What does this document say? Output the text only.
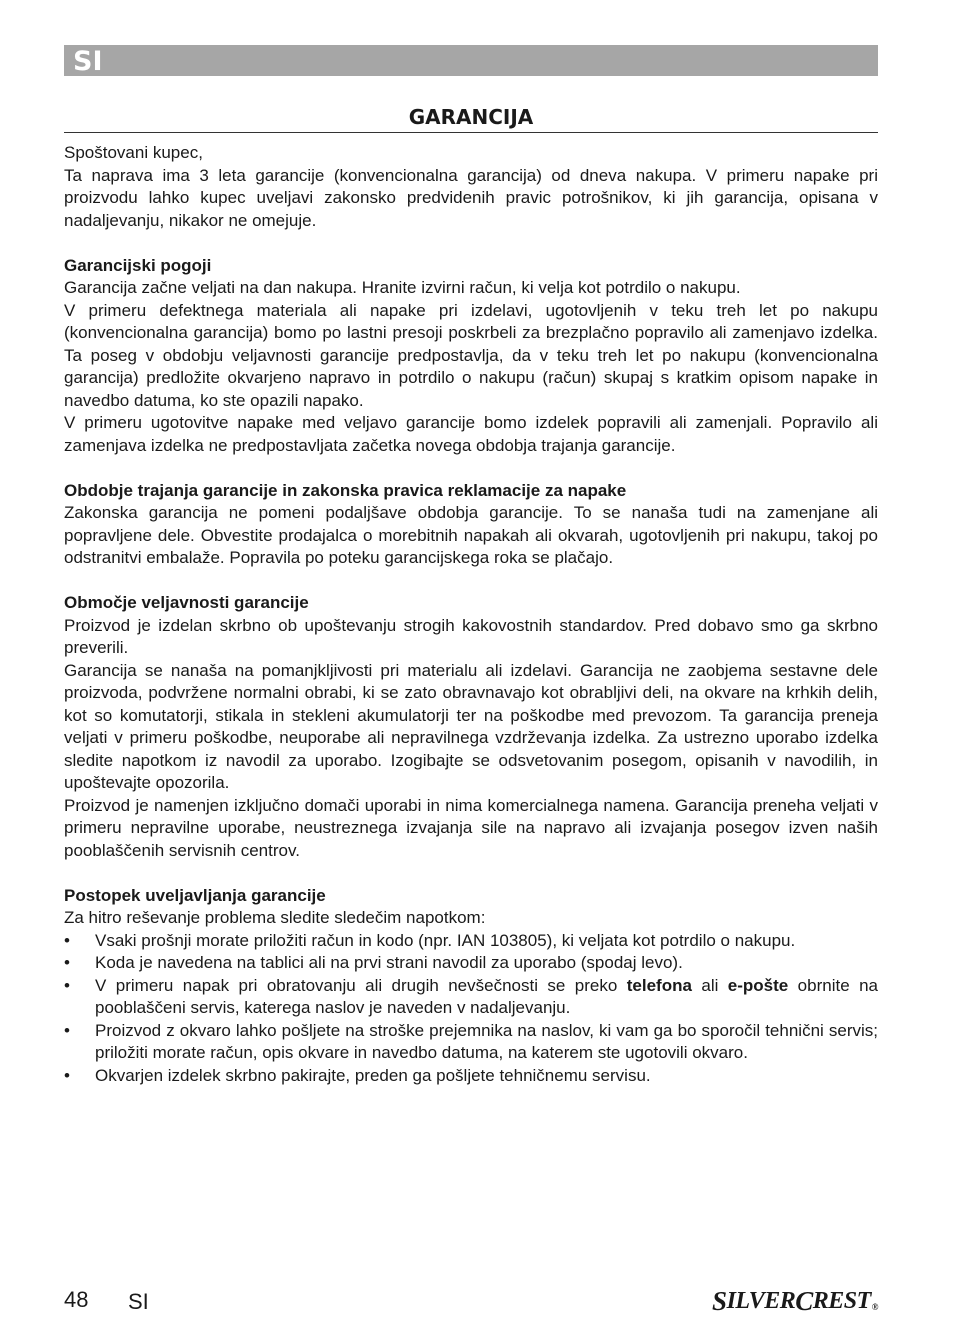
SI
GARANCIJA

Spoštovani kupec,

Ta naprava ima 3 leta garancije (konvencionalna garancija) od dneva nakupa. V primeru napake pri proizvodu lahko kupec uveljavi zakonsko predvidenih pravic potrošnikov, ki jih garancija, opisana v nadaljevanju, nikakor ne omejuje.

Garancijski pogoji

Garancija začne veljati na dan nakupa. Hranite izvirni račun, ki velja kot potrdilo o nakupu.

V primeru defektnega materiala ali napake pri izdelavi, ugotovljenih v teku treh let po nakupu (konvencionalna garancija) bomo po lastni presoji poskrbeli za brezplačno popravilo ali zamenjavo izdelka. Ta poseg v obdobju veljavnosti garancije predpostavlja, da v teku treh let po nakupu (konvencionalna garancija) predložite okvarjeno napravo in potrdilo o nakupu (račun) skupaj s kratkim opisom napake in navedbo datuma, ko ste opazili napako.

V primeru ugotovitve napake med veljavo garancije bomo izdelek popravili ali zamenjali. Popravilo ali zamenjava izdelka ne predpostavljata začetka novega obdobja trajanja garancije.

Obdobje trajanja garancije in zakonska pravica reklamacije za napake

Zakonska garancija ne pomeni podaljšave obdobja garancije. To se nanaša tudi na zamenjane ali popravljene dele. Obvestite prodajalca o morebitnih napakah ali okvarah, ugotovljenih pri nakupu, takoj po odstranitvi embalaže. Popravila po poteku garancijskega roka se plačajo.

Območje veljavnosti garancije

Proizvod je izdelan skrbno ob upoštevanju strogih kakovostnih standardov. Pred dobavo smo ga skrbno preverili.

Garancija se nanaša na pomanjkljivosti pri materialu ali izdelavi. Garancija ne zaobjema sestavne dele proizvoda, podvržene normalni obrabi, ki se zato obravnavajo kot obrabljivi deli, na okvare na krhkih delih, kot so komutatorji, stikala in stekleni akumulatorji ter na poškodbe med prevozom. Ta garancija preneja veljati v primeru poškodbe, neuporabe ali nepravilnega vzdrževanja izdelka. Za ustrezno uporabo izdelka sledite napotkom iz navodil za uporabo. Izogibajte se odsvetovanim posegom, opisanih v navodilih, in upoštevajte opozorila.

Proizvod je namenjen izključno domači uporabi in nima komercialnega namena. Garancija preneha veljati v primeru nepravilne uporabe, neustreznega izvajanja sile na napravo ali izvajanja posegov izven naših pooblaščenih servisnih centrov.

Postopek uveljavljanja garancije

Za hitro reševanje problema sledite sledečim napotkom:

• Vsaki prošnji morate priložiti račun in kodo (npr. IAN 103805), ki veljata kot potrdilo o nakupu.
• Koda je navedena na tablici ali na prvi strani navodil za uporabo (spodaj levo).
• V primeru napak pri obratovanju ali drugih nevšečnosti se preko telefona ali e-pošte obrnite na pooblaščeni servis, katerega naslov je naveden v nadaljevanju.
• Proizvod z okvaro lahko pošljete na stroške prejemnika na naslov, ki vam ga bo sporočil tehnični servis; priložiti morate račun, opis okvare in navedbo datuma, na katerem ste ugotovili okvaro.
• Okvarjen izdelek skrbno pakirajte, preden ga pošljete tehničnemu servisu.
48 SI	S ILVER C REST ®
